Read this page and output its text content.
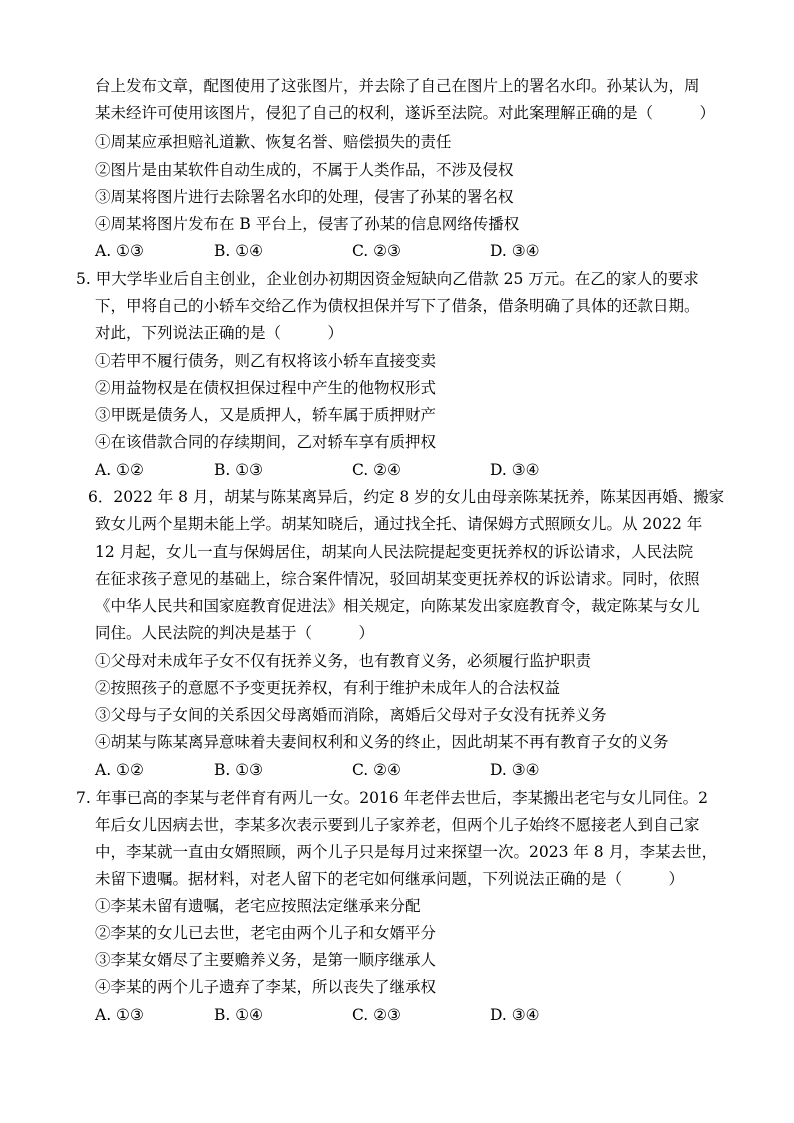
台上发布文章，配图使用了这张图片，并去除了自己在图片上的署名水印。孙某认为，周
某未经许可使用该图片，侵犯了自己的权利，遂诉至法院。对此案理解正确的是（　　　）
①周某应承担赔礼道歉、恢复名誉、赔偿损失的责任
②图片是由某软件自动生成的，不属于人类作品，不涉及侵权
③周某将图片进行去除署名水印的处理，侵害了孙某的署名权
④周某将图片发布在 B 平台上，侵害了孙某的信息网络传播权
A. ①③	B. ①④	C. ②③	D. ③④
5. 甲大学毕业后自主创业，企业创办初期因资金短缺向乙借款 25 万元。在乙的家人的要求
下，甲将自己的小轿车交给乙作为债权担保并写下了借条，借条明确了具体的还款日期。
对此，下列说法正确的是（　　　）
①若甲不履行债务，则乙有权将该小轿车直接变卖
②用益物权是在债权担保过程中产生的他物权形式
③甲既是债务人，又是质押人，轿车属于质押财产
④在该借款合同的存续期间，乙对轿车享有质押权
A. ①②	B. ①③	C. ②④	D. ③④
6．2022 年 8 月，胡某与陈某离异后，约定 8 岁的女儿由母亲陈某抚养，陈某因再婚、搬家
致女儿两个星期未能上学。胡某知晓后，通过找全托、请保姆方式照顾女儿。从 2022 年
12 月起，女儿一直与保姆居住，胡某向人民法院提起变更抚养权的诉讼请求，人民法院
在征求孩子意见的基础上，综合案件情况，驳回胡某变更抚养权的诉讼请求。同时，依照
《中华人民共和国家庭教育促进法》相关规定，向陈某发出家庭教育令，裁定陈某与女儿
同住。人民法院的判决是基于（　　　）
①父母对未成年子女不仅有抚养义务，也有教育义务，必须履行监护职责
②按照孩子的意愿不予变更抚养权，有利于维护未成年人的合法权益
③父母与子女间的关系因父母离婚而消除，离婚后父母对子女没有抚养义务
④胡某与陈某离异意味着夫妻间权利和义务的终止，因此胡某不再有教育子女的义务
A. ①②	B. ①③	C. ②④	D. ③④
7. 年事已高的李某与老伴育有两儿一女。2016 年老伴去世后，李某搬出老宅与女儿同住。2
年后女儿因病去世，李某多次表示要到儿子家养老，但两个儿子始终不愿接老人到自己家
中，李某就一直由女婿照顾，两个儿子只是每月过来探望一次。2023 年 8 月，李某去世，
未留下遗嘱。据材料，对老人留下的老宅如何继承问题，下列说法正确的是（　　　）
①李某未留有遗嘱，老宅应按照法定继承来分配
②李某的女儿已去世，老宅由两个儿子和女婿平分
③李某女婿尽了主要赡养义务，是第一顺序继承人
④李某的两个儿子遗弃了李某，所以丧失了继承权
A. ①③	B. ①④	C. ②③	D. ③④
